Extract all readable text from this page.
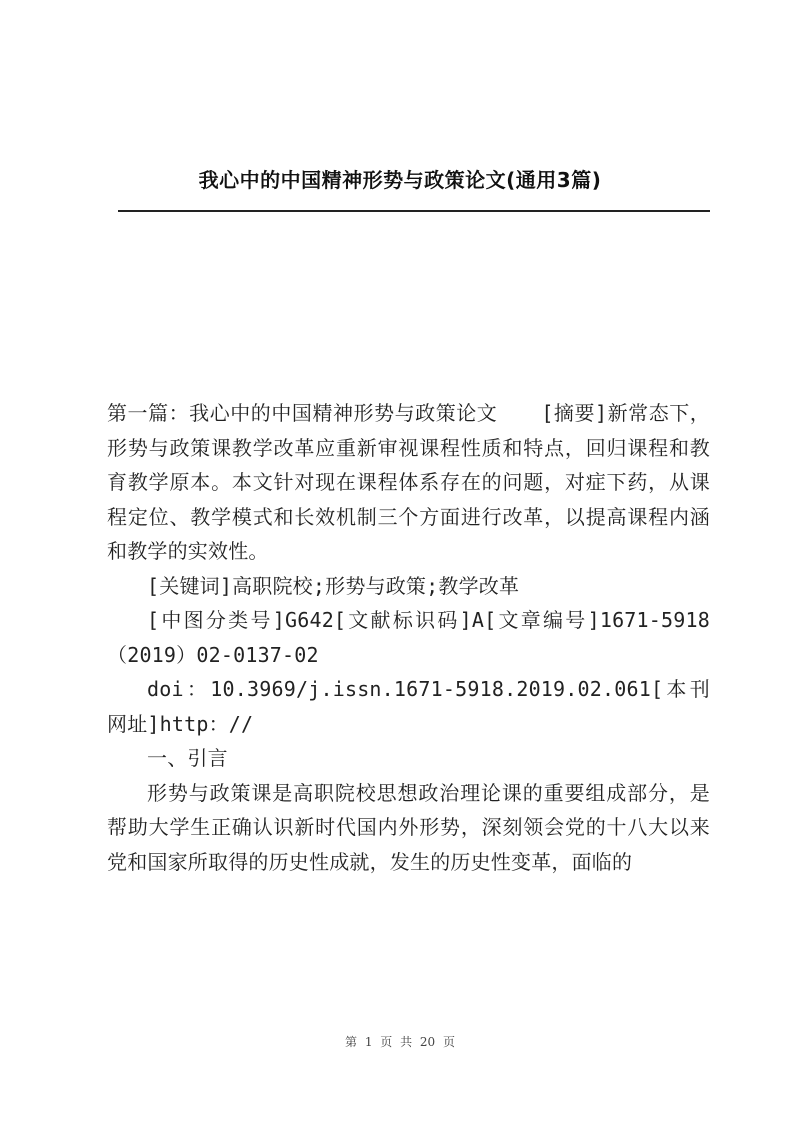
我心中的中国精神形势与政策论文(通用3篇)

第一篇：我心中的中国精神形势与政策论文 [摘要]新常态下，形势与政策课教学改革应重新审视课程性质和特点，回归课程和教育教学原本。本文针对现在课程体系存在的问题，对症下药，从课程定位、教学模式和长效机制三个方面进行改革，以提高课程内涵和教学的实效性。

[关键词]高职院校;形势与政策;教学改革

[中图分类号]G642[文献标识码]A[文章编号]1671-5918（2019）02-0137-02

doi：10.3969/j.issn.1671-5918.2019.02.061[本刊网址]http：//

一、引言

形势与政策课是高职院校思想政治理论课的重要组成部分，是帮助大学生正确认识新时代国内外形势，深刻领会党的十八大以来党和国家所取得的历史性成就，发生的历史性变革，面临的

第 1 页 共 20 页
